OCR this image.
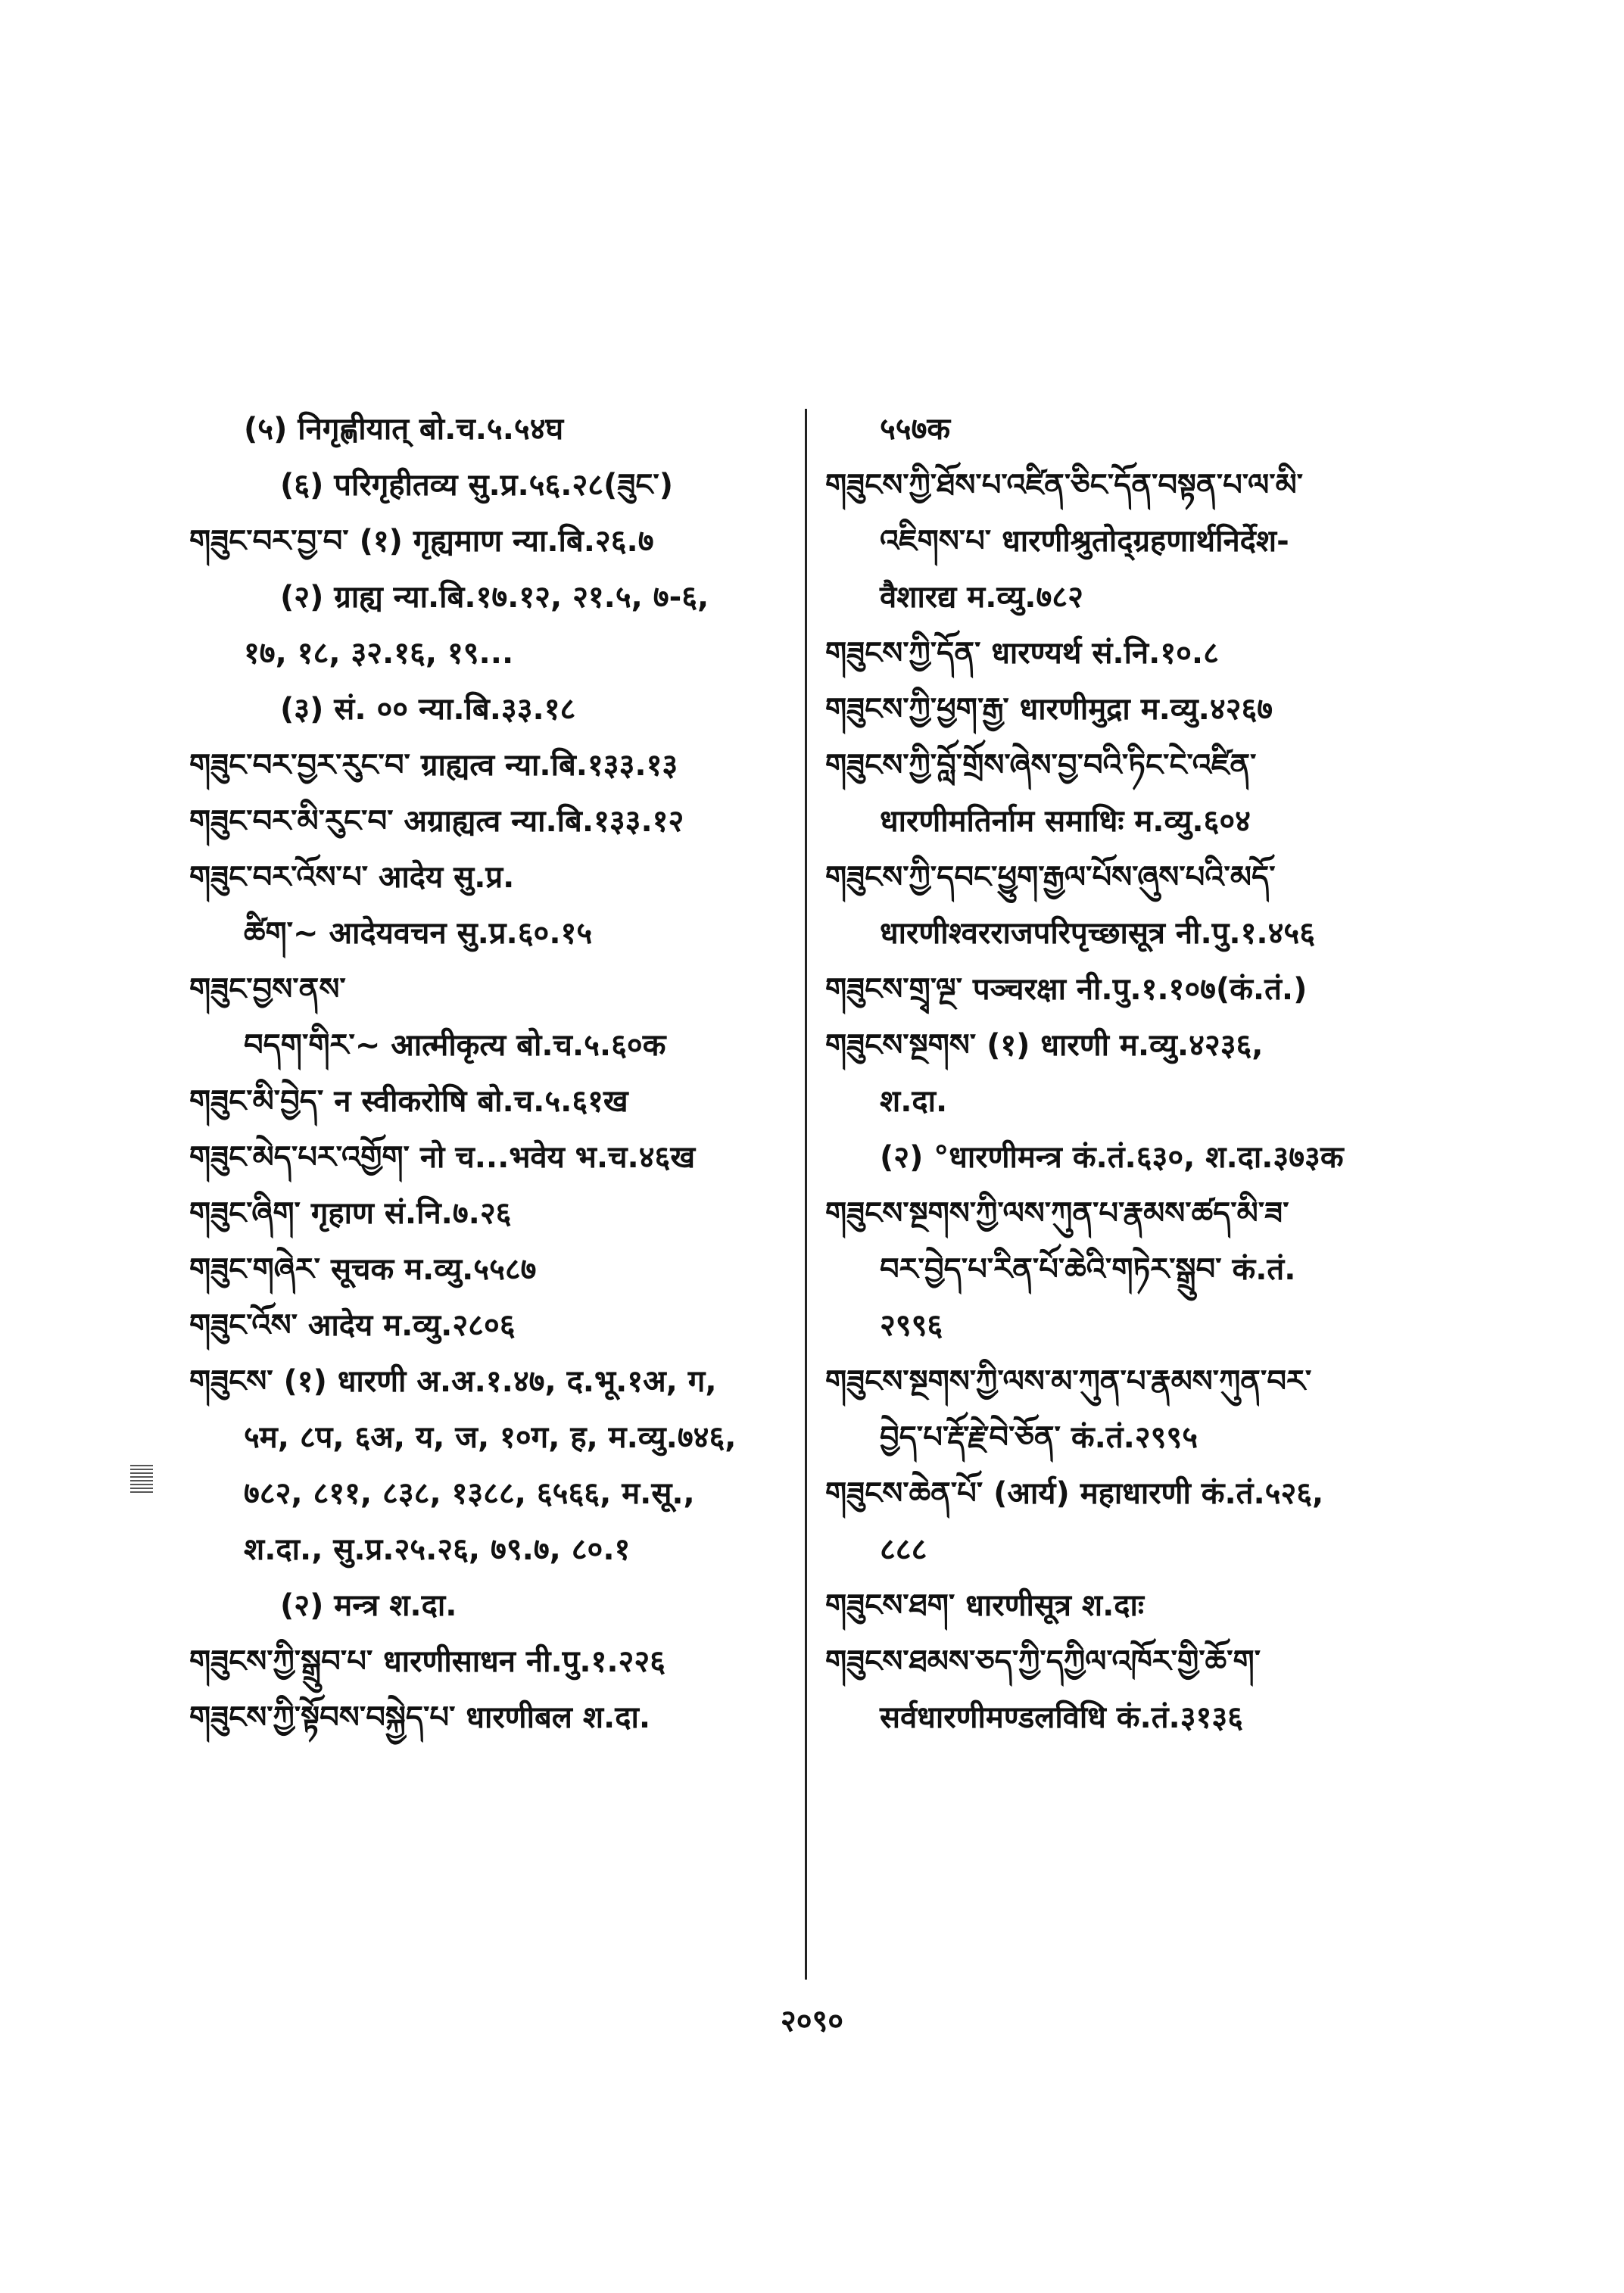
(५) निगृह्णीयात् बो.च.५.५४घ
(६) परिगृहीतव्य सु.प्र.५६.२८(ཟུང་)
གཟུང་བར་བྱ་བ་ (१) गृह्यमाण न्या.बि.२६.७
(२) ग्राह्य न्या.बि.१७.१२, २१.५, ७-६,
१७, १८, ३२.१६, १९...
(३) सं. ०० न्या.बि.३३.१८
གཟུང་བར་བྱར་རུང་བ་ ग्राह्यत्व न्या.बि.१३३.१३
གཟུང་བར་མི་རུང་བ་ अग्राह्यत्व न्या.बि.१३३.१२
གཟུང་བར་འོས་པ་ आदेय सु.प्र.
ཚིག་~ आदेयवचन सु.प्र.६०.१५
གཟུང་བྱས་ནས་
བདག་གིར་~ आत्मीकृत्य बो.च.५.६०क
གཟུང་མི་བྱེད་ न स्वीकरोषि बो.च.५.६१ख
གཟུང་མེད་པར་འགྱོག་ नो च...भवेय भ.च.४६ख
གཟུང་ཞིག་ गृहाण सं.नि.७.२६
གཟུང་གཞེར་ सूचक म.व्यु.५५८७
གཟུང་འོས་ आदेय म.व्यु.२८०६
གཟུངས་ (१) धारणी अ.अ.१.४७, द.भू.१अ, ग,
५म, ८प, ६अ, य, ज, १०ग, ह, म.व्यु.७४६,
७८२, ८११, ८३८, १३८८, ६५६६, म.सू.,
श.दा., सु.प्र.२५.२६, ७९.७, ८०.१
(२) मन्त्र श.दा.
གཟུངས་ཀྱི་སྒྲུབ་པ་ धारणीसाधन नी.पु.१.२२६
གཟུངས་ཀྱི་སྟོབས་བསྐྱེད་པ་ धारणीबल श.दा.
५५७क
གཟུངས་ཀྱི་ཐོས་པ་འཛིན་ཅིང་དོན་བསྟན་པ་ལ་མི་
འཇིགས་པ་ धारणीश्रुतोद्ग्रहणार्थनिर्देश-
वैशारद्य म.व्यु.७८२
གཟུངས་ཀྱི་དོན་ धारण्यर्थ सं.नि.१०.८
གཟུངས་ཀྱི་ཕྱག་རྒྱ་ धारणीमुद्रा म.व्यु.४२६७
གཟུངས་ཀྱི་བློ་གྲོས་ཞེས་བྱ་བའི་ཏིང་ངེ་འཛིན་
धारणीमतिर्नाम समाधिः म.व्यु.६०४
གཟུངས་ཀྱི་དབང་ཕྱུག་རྒྱལ་པོས་ཞུས་པའི་མདོ་
धारणीश्वरराजपरिपृच्छासूत्र नी.पु.१.४५६
གཟུངས་གྲྭ་ལྔ་ पञ्चरक्षा नी.पु.१.१०७(कं.तं.)
གཟུངས་སྔགས་ (१) धारणी म.व्यु.४२३६,
श.दा.
(२) °धारणीमन्त्र कं.तं.६३०, श.दा.३७३क
གཟུངས་སྔགས་ཀྱི་ལས་ཀུན་པ་རྣམས་ཚད་མི་ཟ་
བར་བྱེད་པ་རིན་པོ་ཆེའི་གཏེར་སྒྲུབ་ कं.तं.
२९९६
གཟུངས་སྔགས་ཀྱི་ལས་མ་ཀུན་པ་རྣམས་ཀུན་བར་
བྱེད་པ་རྡོ་རྗེ་བེ་ཅོན་ कं.तं.२९९५
གཟུངས་ཆེན་པོ་ (आर्य) महाधारणी कं.तं.५२६,
८८८
གཟུངས་ཐག་ धारणीसूत्र श.दाः
གཟུངས་ཐམས་ཅད་ཀྱི་དཀྱིལ་འཁོར་གྱི་ཆོ་ག་
सर्वधारणीमण्डलविधि कं.तं.३१३६
२०९०
